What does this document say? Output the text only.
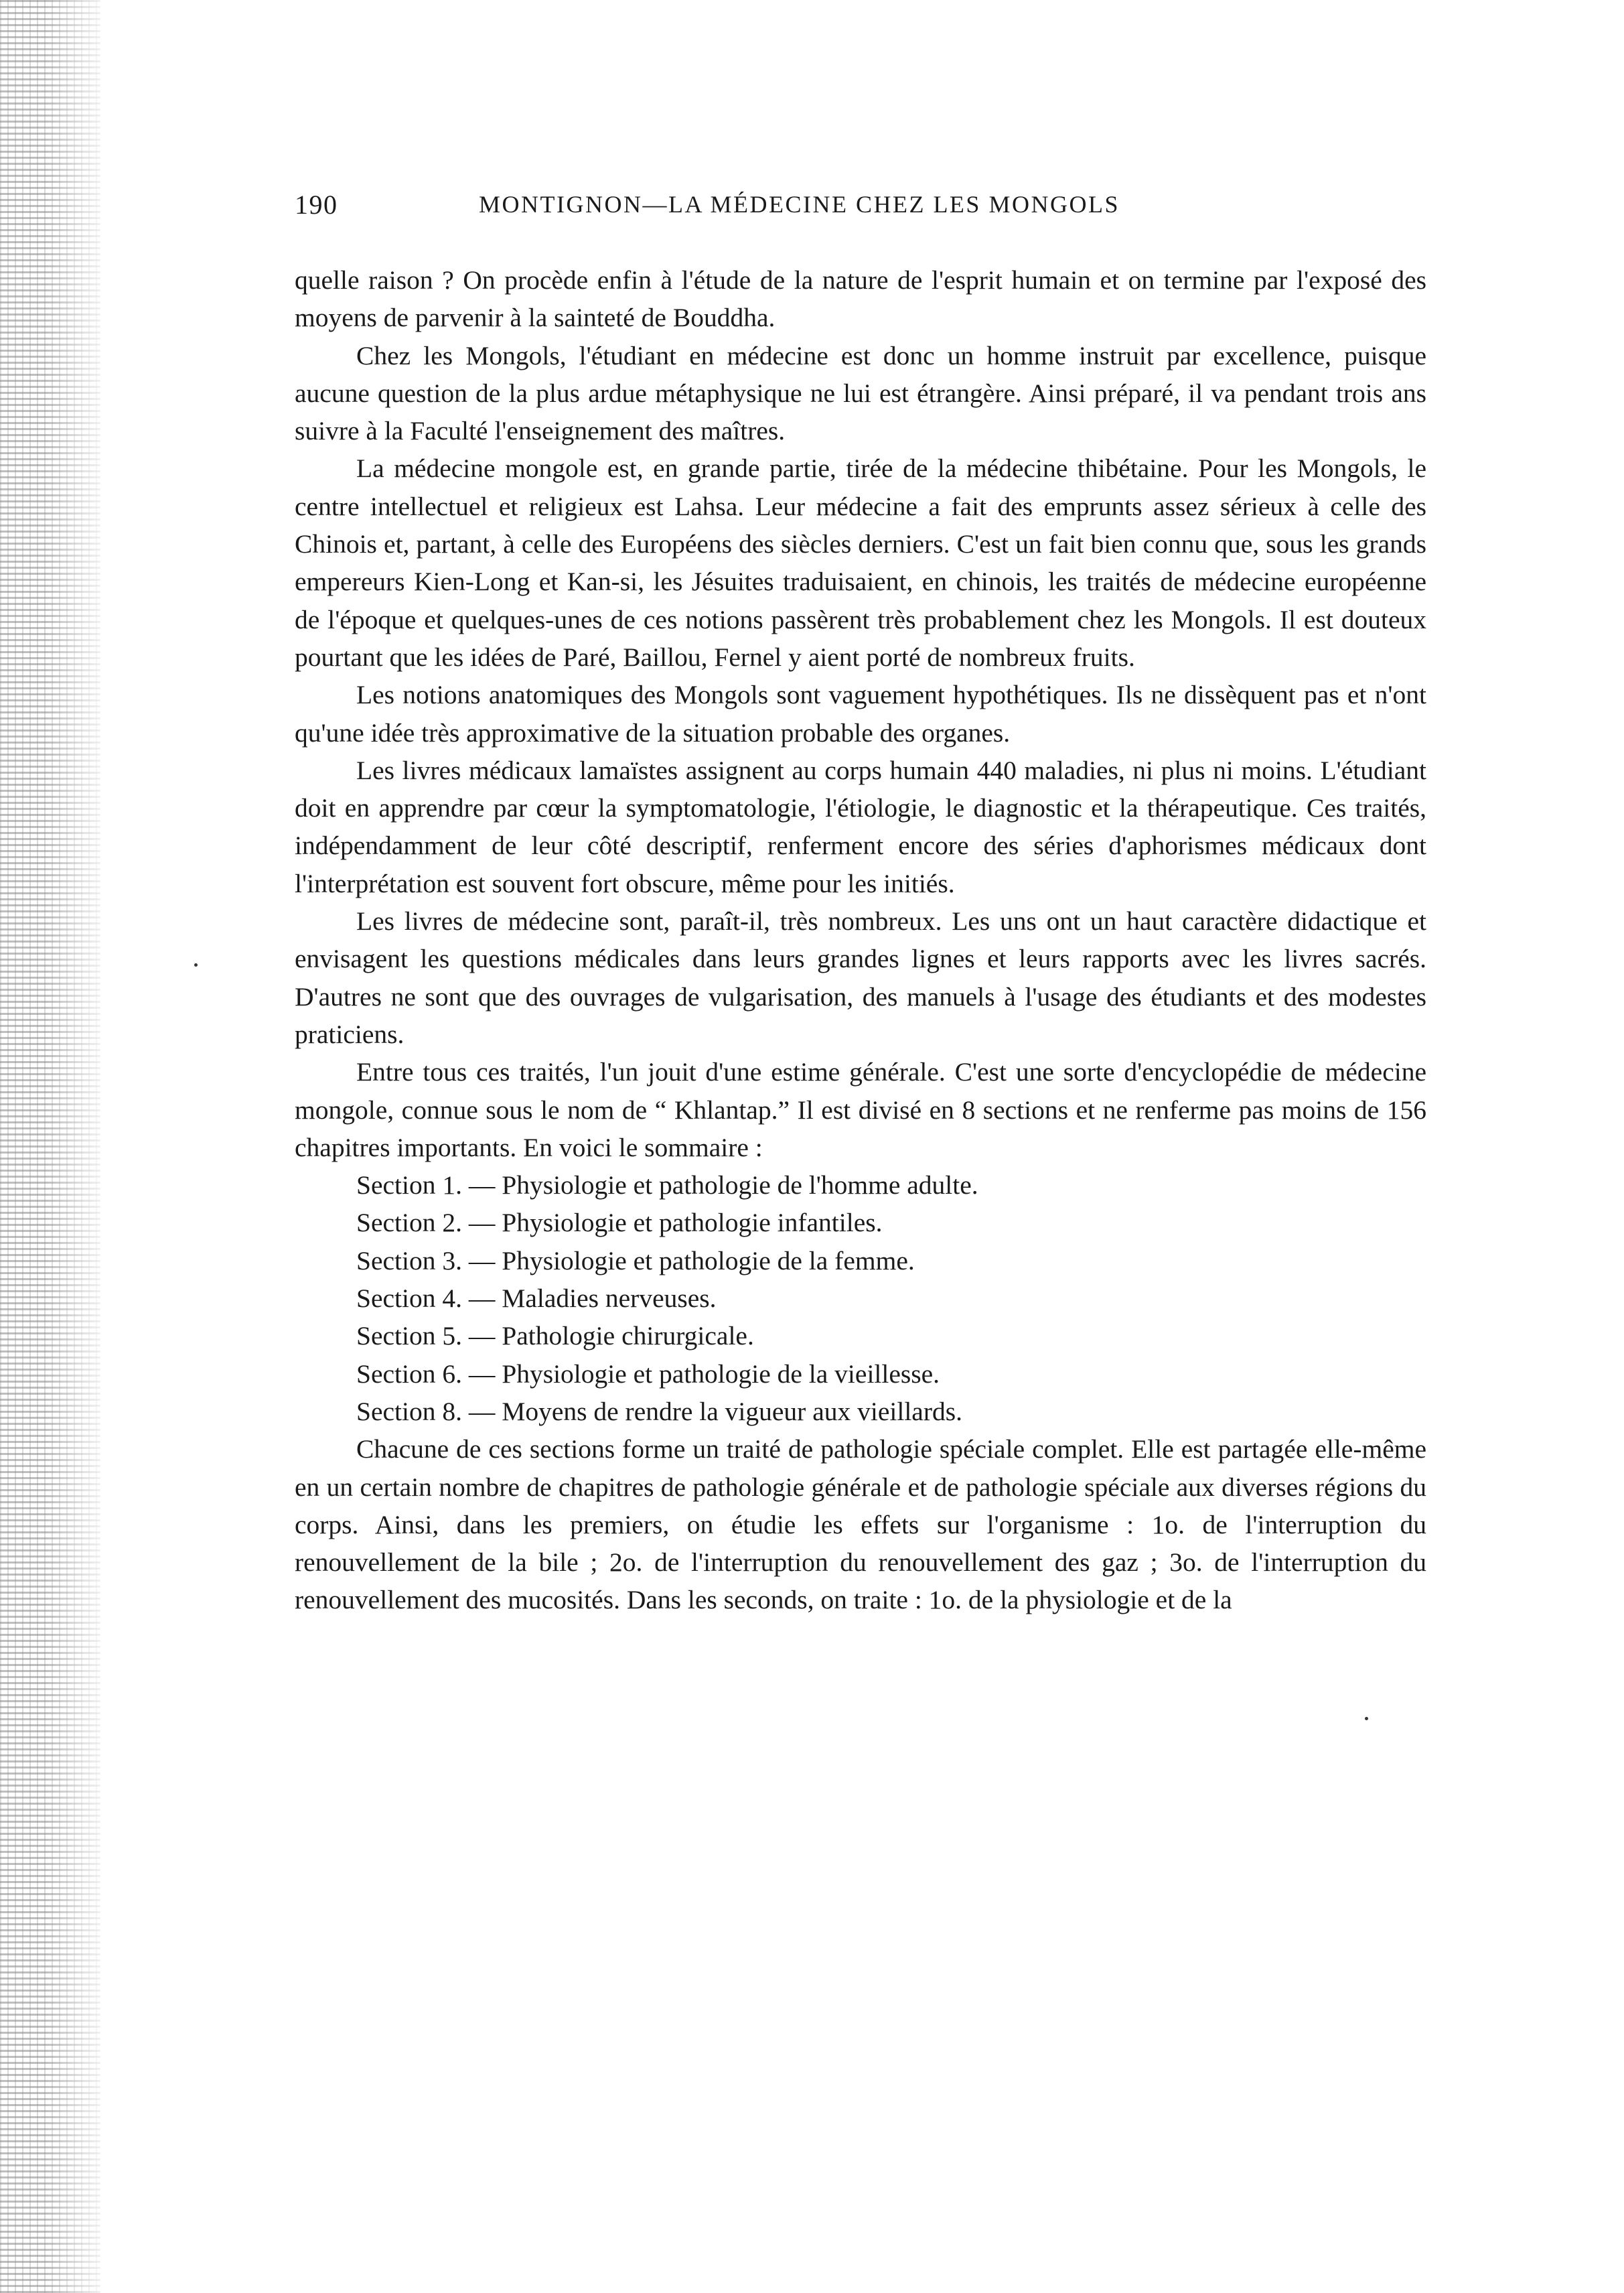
190	MONTIGNON—LA MÉDECINE CHEZ LES MONGOLS

quelle raison ? On procède enfin à l'étude de la nature de l'esprit humain et on termine par l'exposé des moyens de parvenir à la sainteté de Bouddha.

Chez les Mongols, l'étudiant en médecine est donc un homme instruit par excellence, puisque aucune question de la plus ardue métaphysique ne lui est étrangère. Ainsi préparé, il va pendant trois ans suivre à la Faculté l'enseignement des maîtres.

La médecine mongole est, en grande partie, tirée de la médecine thibétaine. Pour les Mongols, le centre intellectuel et religieux est Lahsa. Leur médecine a fait des emprunts assez sérieux à celle des Chinois et, partant, à celle des Européens des siècles derniers. C'est un fait bien connu que, sous les grands empereurs Kien-Long et Kan-si, les Jésuites traduisaient, en chinois, les traités de médecine européenne de l'époque et quelques-unes de ces notions passèrent très probablement chez les Mongols. Il est douteux pourtant que les idées de Paré, Baillou, Fernel y aient porté de nombreux fruits.

Les notions anatomiques des Mongols sont vaguement hypothétiques. Ils ne dissèquent pas et n'ont qu'une idée très approximative de la situation probable des organes.

Les livres médicaux lamaïstes assignent au corps humain 440 maladies, ni plus ni moins. L'étudiant doit en apprendre par cœur la symptomatologie, l'étiologie, le diagnostic et la thérapeutique. Ces traités, indépendamment de leur côté descriptif, renferment encore des séries d'aphorismes médicaux dont l'interprétation est souvent fort obscure, même pour les initiés.

Les livres de médecine sont, paraît-il, très nombreux. Les uns ont un haut caractère didactique et envisagent les questions médicales dans leurs grandes lignes et leurs rapports avec les livres sacrés. D'autres ne sont que des ouvrages de vulgarisation, des manuels à l'usage des étudiants et des modestes praticiens.

Entre tous ces traités, l'un jouit d'une estime générale. C'est une sorte d'encyclopédie de médecine mongole, connue sous le nom de “ Khlantap.” Il est divisé en 8 sections et ne renferme pas moins de 156 chapitres importants. En voici le sommaire :

Section 1. — Physiologie et pathologie de l'homme adulte.

Section 2. — Physiologie et pathologie infantiles.

Section 3. — Physiologie et pathologie de la femme.

Section 4. — Maladies nerveuses.

Section 5. — Pathologie chirurgicale.

Section 6. — Physiologie et pathologie de la vieillesse.

Section 8. — Moyens de rendre la vigueur aux vieillards.

Chacune de ces sections forme un traité de pathologie spéciale complet. Elle est partagée elle-même en un certain nombre de chapitres de pathologie générale et de pathologie spéciale aux diverses régions du corps. Ainsi, dans les premiers, on étudie les effets sur l'organisme : 1o. de l'interruption du renouvellement de la bile ; 2o. de l'interruption du renouvellement des gaz ; 3o. de l'interruption du renouvellement des mucosités. Dans les seconds, on traite : 1o. de la physiologie et de la
